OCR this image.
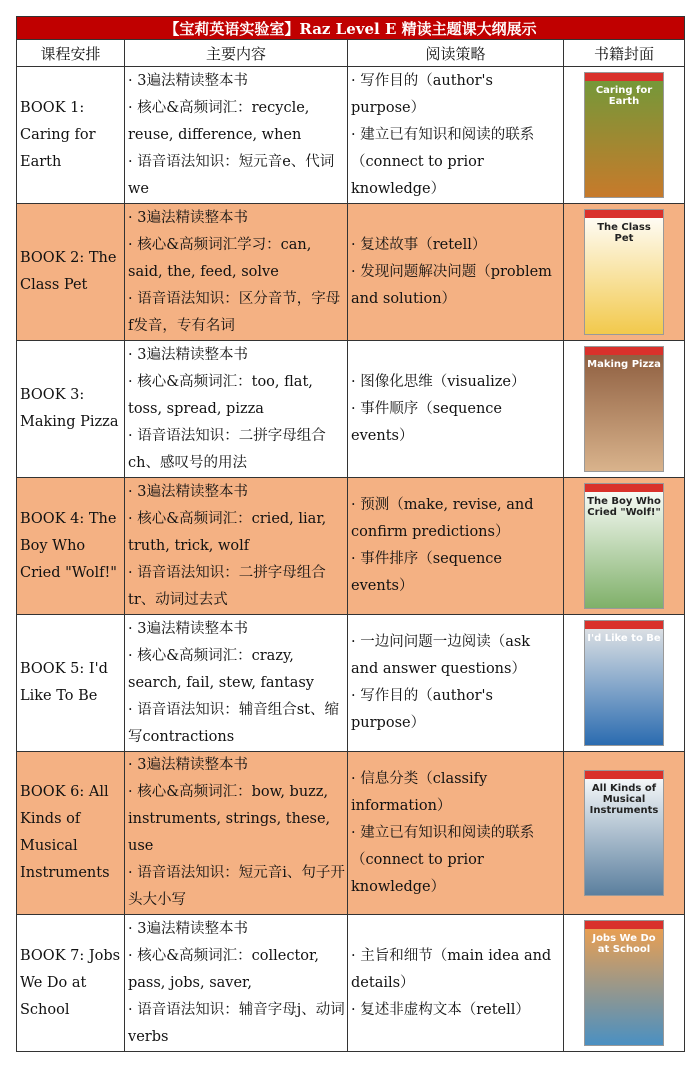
【宝莉英语实验室】Raz Level E 精读主题课大纲展示			
课程安排	主要内容	阅读策略	书籍封面
BOOK 1: Caring for Earth	· 3遍法精读整本书
· 核心&高频词汇：recycle, reuse, difference, when
· 语音语法知识：短元音e、代词we	· 写作目的（author's purpose）
· 建立已有知识和阅读的联系（connect to prior knowledge）	Caring for Earth

BOOK 2: The Class Pet	· 3遍法精读整本书
· 核心&高频词汇学习：can, said, the, feed, solve
· 语音语法知识：区分音节，字母f发音，专有名词	· 复述故事（retell）
· 发现问题解决问题（problem and solution）	The Class Pet

BOOK 3: Making Pizza	· 3遍法精读整本书
· 核心&高频词汇：too, flat, toss, spread, pizza
· 语音语法知识：二拼字母组合ch、感叹号的用法	· 图像化思维（visualize）
· 事件顺序（sequence events）	Making Pizza

BOOK 4: The Boy Who Cried "Wolf!"	· 3遍法精读整本书
· 核心&高频词汇：cried, liar, truth, trick, wolf
· 语音语法知识：二拼字母组合tr、动词过去式	· 预测（make, revise, and confirm predictions）
· 事件排序（sequence events）	The Boy Who Cried "Wolf!"

BOOK 5: I'd Like To Be	· 3遍法精读整本书
· 核心&高频词汇：crazy, search, fail, stew, fantasy
· 语音语法知识：辅音组合st、缩写contractions	· 一边问问题一边阅读（ask and answer questions）
· 写作目的（author's purpose）	I'd Like to Be

BOOK 6: All Kinds of Musical Instruments	· 3遍法精读整本书
· 核心&高频词汇：bow, buzz, instruments, strings, these, use
· 语音语法知识：短元音i、句子开头大小写	· 信息分类（classify information）
· 建立已有知识和阅读的联系（connect to prior knowledge）	All Kinds of Musical Instruments

BOOK 7: Jobs We Do at School	· 3遍法精读整本书
· 核心&高频词汇：collector, pass, jobs, saver,
· 语音语法知识：辅音字母j、动词verbs	· 主旨和细节（main idea and details）
· 复述非虚构文本（retell）	Jobs We Do at School
